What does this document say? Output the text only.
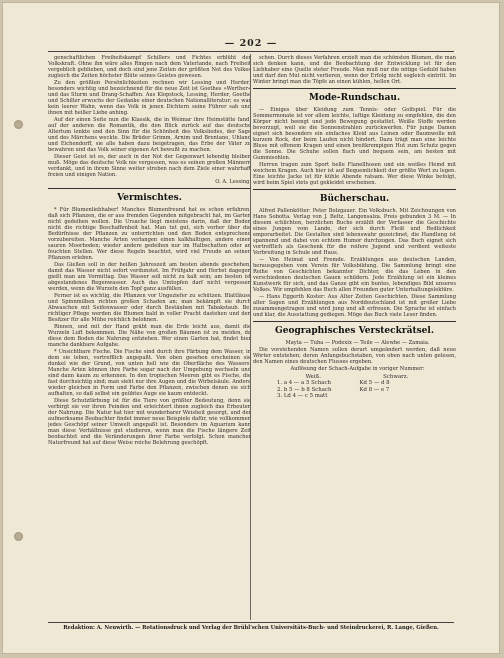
— 202 —

genschaftlichen Freiheitskampf Schillers und Fichtes erblüht der Volkskraft. Ohne ihn wäre alles Ringen nach dem Vaterlande, nach Freiheit vergeblich geblieben, und doch sind jene Zeiten der größten Not des Volkes zugleich die Zeiten höchster Blüte seines Geistes gewesen.

Zu den größten Persönlichkeiten rechnen wir Lessing und Herder; besonders wichtig und bezeichnend für die neue Zeit ist Goethes »Werther« und das Sturm und Drang-Schaffen. Aus Klopstock, Lessing, Herder, Goethe und Schiller erwuchs der Gedanke einer deutschen Nationalliteratur; es war kein leerer Wahn, wenn das Volk in jenen Dichtern seine Führer sah und ihnen mit heißer Liebe anhing.

Auf der einen Seite nun die Klassik, die in Weimar ihre Heimstätte fand, auf der anderen die Romantik, die den Blick zurück auf das deutsche Altertum lenkte und den Sinn für die Schönheit des Volksliedes, der Sage und des Märchens weckte. Die Brüder Grimm, Arnim und Brentano, Uhland und Eichendorff, sie alle haben dazu beigetragen, das Erbe der Väter zu bewahren und das Volk seiner eigenen Art bewußt zu machen.

Dieser Geist ist es, der auch in der Not der Gegenwart lebendig bleiben muß. Möge das deutsche Volk nie vergessen, was es seinen großen Männern verdankt, und in ihrem Sinne weiter streben nach dem Ziele einer wahrhaft freien und einigen Nation.

O. A. Lessing.

Vermischtes.

* Für Blumenliebhaber! Manches Blumenfreund hat es schon erfahren, daß sich Pflanzen, die er aus fremden Gegenden mitgebracht hat, im Garten nicht gedeihen wollen. Die Ursache liegt meistens darin, daß der Boden nicht die richtige Beschaffenheit hat. Man tut gut, sich vorher über die Bedürfnisse der Pflanzen zu unterrichten und den Boden entsprechend vorzubereiten. Manche Arten verlangen einen kalkhaltigen, andere einen sauren Moorboden; wieder andere gedeihen nur im Halbschatten oder an feuchten Stellen. Wer diese Regeln beachtet, wird viel Freude an seinen Pflanzen erleben.

Das Gießen soll in der heißen Jahreszeit am besten abends geschehen, damit das Wasser nicht sofort verdunstet. Im Frühjahr und Herbst dagegen gießt man am Vormittag. Das Wasser soll nicht zu kalt sein; am besten ist abgestandenes Regenwasser. Auch das Umtopfen darf nicht vergessen werden, wenn die Wurzeln den Topf ganz ausfüllen.

Ferner ist es wichtig, die Pflanzen vor Ungeziefer zu schützen. Blattläuse und Spinnmilben richten großen Schaden an; man bekämpft sie durch Abwaschen mit Seifenwasser oder durch Bestäuben mit Tabakstaub. Bei richtiger Pflege werden die Blumen bald in voller Pracht dastehen und den Besitzer für alle Mühe reichlich belohnen.

Rinnen, und mit der Hand gräbt man die Erde leicht aus, damit die Wurzeln Luft bekommen. Die Nähe von großen Bäumen ist zu meiden, da diese dem Boden die Nahrung entziehen. Wer einen Garten hat, findet hier manche dankbare Aufgabe.

* Unsichtbare Fische. Die Fische sind durch ihre Färbung dem Wasser, in dem sie leben, vortrefflich angepaßt. Von oben gesehen erscheinen sie dunkel wie der Grund, von unten hell wie die Oberfläche des Wassers. Manche Arten können ihre Farbe sogar nach der Umgebung wechseln und sind dann kaum zu erkennen. In den tropischen Meeren gibt es Fische, die fast durchsichtig sind; man sieht nur ihre Augen und die Wirbelsäule. Andere wieder gleichen in Form und Farbe den Pflanzen, zwischen denen sie sich aufhalten, so daß selbst ein geübtes Auge sie kaum entdeckt.

Diese Schutzfärbung ist für die Tiere von größter Bedeutung, denn sie verbirgt sie vor ihren Feinden und erleichtert ihnen zugleich das Erbeuten der Nahrung. Die Natur hat hier mit wunderbarer Weisheit gesorgt, und der aufmerksame Beobachter findet immer neue Beispiele dafür, wie vollkommen jedes Geschöpf seiner Umwelt angepaßt ist. Besonders im Aquarium kann man diese Verhältnisse gut studieren, wenn man die Fische längere Zeit beobachtet und die Veränderungen ihrer Farbe verfolgt. Schon mancher Naturfreund hat auf diese Weise reiche Belehrung geschöpft.

schen. Durch dieses Verfahren erzielt man die schönsten Blumen, die man sich denken kann, und die Beobachtung der Entwicklung ist für den Liebhaber eine Quelle steter Freude. Man muß nur die nötige Geduld haben und darf den Mut nicht verlieren, wenn der Erfolg nicht sogleich eintritt. Im Winter bringt man die Töpfe an einen kühlen, hellen Ort.

Mode-Rundschau.

— Einiges über Kleidung zum Tennis- oder Golfspiel. Für die Sommermonate ist vor allem leichte, luftige Kleidung zu empfehlen, die den Körper nicht beengt und jede Bewegung gestattet. Weiße Stoffe werden bevorzugt, weil sie die Sonnenstrahlen zurückwerfen. Für junge Damen eignet sich besonders ein einfaches Kleid aus Leinen oder Baumwolle mit kurzem Rock, der beim Laufen nicht hindert. Dazu trägt man eine leichte Bluse mit offenem Kragen und einen breitkrempigen Hut zum Schutz gegen die Sonne. Die Schuhe sollen flach und bequem sein, am besten mit Gummisohlen.

Herren tragen zum Sport helle Flanellhosen und ein weißes Hemd mit weichem Kragen. Auch hier ist auf Bequemlichkeit der größte Wert zu legen. Eine leichte Jacke ist für kühle Abende ratsam. Wer diese Winke befolgt, wird beim Spiel stets gut gekleidet erscheinen.

Bücherschau.

Alfred Pallenkötter: Peter Bolzgauer. Ein Volksbuch. Mit Zeichnungen von Hans Sobotta. Verlag von J. Beltz, Langensalza. Preis gebunden 3 M. — In diesem schlichten, herzlichen Buche erzählt der Verfasser die Geschichte eines Jungen vom Lande, der sich durch Fleiß und Redlichkeit emporarbeitet. Die Gestalten sind lebenswahr gezeichnet, die Handlung ist spannend und dabei von echtem Humor durchzogen. Das Buch eignet sich vortrefflich als Geschenk für die reifere Jugend und verdient weiteste Verbreitung in Schule und Haus.

— Von Heimat und Fremde. Erzählungen aus deutschen Landen, herausgegeben vom Verein für Volksbildung. Die Sammlung bringt eine Reihe von Geschichten bekannter Dichter, die das Leben in den verschiedenen deutschen Gauen schildern. Jede Erzählung ist ein kleines Kunstwerk für sich, und das Ganze gibt ein buntes, lebendiges Bild unseres Volkes. Wir empfehlen das Buch allen Freunden guter Unterhaltungslektüre.

— Hans Eggerth Koster: Aus Alter Zeiten Geschichten. Diese Sammlung alter Sagen und Erzählungen aus Norddeutschland ist mit großer Liebe zusammengetragen und wird jung und alt erfreuen. Die Sprache ist einfach und klar, die Ausstattung gediegen. Möge das Buch viele Leser finden.

Geographisches Versteckrätsel.

Mayta — Tuba — Podexix — Teile — Alewbe — Zamaia.

Die vorstehenden Namen sollen derart umgeändert werden, daß neue Wörter entstehen; deren Anfangsbuchstaben, von oben nach unten gelesen, den Namen eines deutschen Flusses ergeben.

Auflösung der Schach-Aufgabe in voriger Nummer:

Weiß.	Schwarz.
1. a 4 — a 5 Schach	Kd 5 — d 8
2. b 5 — b 8 Schach	Kd 8 — e 7
3. Ld 4 — c 5 matt
Redaktion: A. Neuwirth. — Rotationsdruck und Verlag der Brühl'schen Universitäts-Buch- und Steindruckerei, R. Lange, Gießen.
